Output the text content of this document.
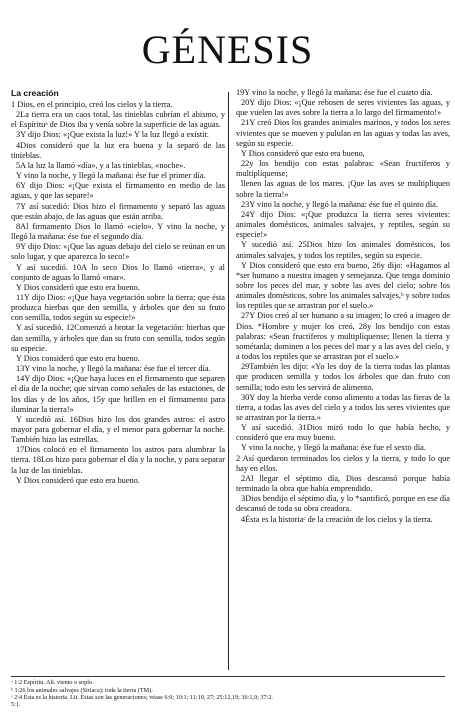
GÉNESIS
La creación

1 Dios, en el principio, creó los cielos y la tierra.

2La tierra era un caos total, las tinieblas cubrían el abismo, y el Espírituᵃ de Dios iba y venía sobre la superficie de las aguas.

3Y dijo Dios: «¡Que exista la luz!» Y la luz llegó a existir.

4Dios consideró que la luz era buena y la separó de las tinieblas.

5A la luz la llamó «día», y a las tinieblas, «noche».

Y vino la noche, y llegó la mañana: ése fue el primer día.

6Y dijo Dios: «¡Que exista el firmamento en medio de las aguas, y que las separe!»

7Y así sucedió: Dios hizo el firmamento y separó las aguas que están abajo, de las aguas que están arriba.

8Al firmamento Dios lo llamó «cielo». Y vino la noche, y llegó la mañana: ése fue el segundo día.

9Y dijo Dios: «¡Que las aguas debajo del cielo se reúnan en un solo lugar, y que aparezca lo seco!»

Y así sucedió. 10A lo seco Dios lo llamó «tierra», y al conjunto de aguas lo llamó «mar».

Y Dios consideró que esto era bueno.

11Y dijo Dios: «¡Que haya vegetación sobre la tierra; que ésta produzca hierbas que den semilla, y árboles que den su fruto con semilla, todos según su especie!»

Y así sucedió. 12Comenzó a brotar la vegetación: hierbas que dan semilla, y árboles que dan su fruto con semilla, todos según su especie.

Y Dios consideró que esto era bueno.

13Y vino la noche, y llegó la mañana: ése fue el tercer día.

14Y dijo Dios: «¡Que haya luces en el firmamento que separen el día de la noche; que sirvan como señales de las estaciones, de los días y de los años, 15y que brillen en el firmamento para iluminar la tierra!»

Y sucedió así. 16Dios hizo los dos grandes astros: el astro mayor para gobernar el día, y el menor para gobernar la noche. También hizo las estrellas.

17Dios colocó en el firmamento los astros para alumbrar la tierra. 18Los hizo para gobernar el día y la noche, y para separar la luz de las tinieblas.

Y Dios consideró que esto era bueno.

19Y vino la noche, y llegó la mañana: ése fue el cuarto día.

20Y dijo Dios: «¡Que rebosen de seres vivientes las aguas, y que vuelen las aves sobre la tierra a lo largo del firmamento!»

21Y creó Dios los grandes animales marinos, y todos los seres vivientes que se mueven y pululan en las aguas y todas las aves, según su especie.

Y Dios consideró que esto era bueno,

22y los bendijo con estas palabras: «Sean fructíferos y multiplíquense;

llenen las aguas de los mares. ¡Que las aves se multipliquen sobre la tierra!»

23Y vino la noche, y llegó la mañana: ése fue el quinto día.

24Y dijo Dios: «¡Que produzca la tierra seres vivientes: animales domésticos, animales salvajes, y reptiles, según su especie!»

Y sucedió así. 25Dios hizo los animales domésticos, los animales salvajes, y todos los reptiles, según su especie.

Y Dios consideró que esto era bueno, 26y dijo: «Hagamos al *ser humano a nuestra imagen y semejanza. Que tenga dominio sobre los peces del mar, y sobre las aves del cielo; sobre los animales domésticos, sobre los animales salvajes,ᵇ y sobre todos los reptiles que se arrastran por el suelo.»

27Y Dios creó al ser humano a su imagen; lo creó a imagen de Dios. *Hombre y mujer los creó, 28y los bendijo con estas palabras: «Sean fructíferos y multiplíquense; llenen la tierra y sométanla; dominen a los peces del mar y a las aves del cielo, y a todos los reptiles que se arrastran por el suelo.»

29También les dijo: «Yo les doy de la tierra todas las plantas que producen semilla y todos los árboles que dan fruto con semilla; todo esto les servirá de alimento.

30Y doy la hierba verde como alimento a todas las fieras de la tierra, a todas las aves del cielo y a todos los seres vivientes que se arrastran por la tierra.»

Y así sucedió. 31Dios miró todo lo que había hecho, y consideró que era muy bueno.

Y vino la noche, y llegó la mañana: ése fue el sexto día.

2 Así quedaron terminados los cielos y la tierra, y todo lo que hay en ellos.

2Al llegar el séptimo día, Dios descansó porque había terminado la obra que había emprendido.

3Dios bendijo el séptimo día, y lo *santificó, porque en ese día descansó de toda su obra creadora.

4Ésta es la historiaᶜ de la creación de los cielos y la tierra.

ᵃ 1:2 Espíritu. Alt. viento o soplo.
ᵇ 1:26 los animales salvajes (Siriaca); toda la tierra (TM).
ᶜ 2:4 Ésta es la historia. Lit. Éstas son las generaciones; véase 6:9; 10:1; 11:10, 27; 25:12,19; 36:1,9; 37:2.
5:1.
